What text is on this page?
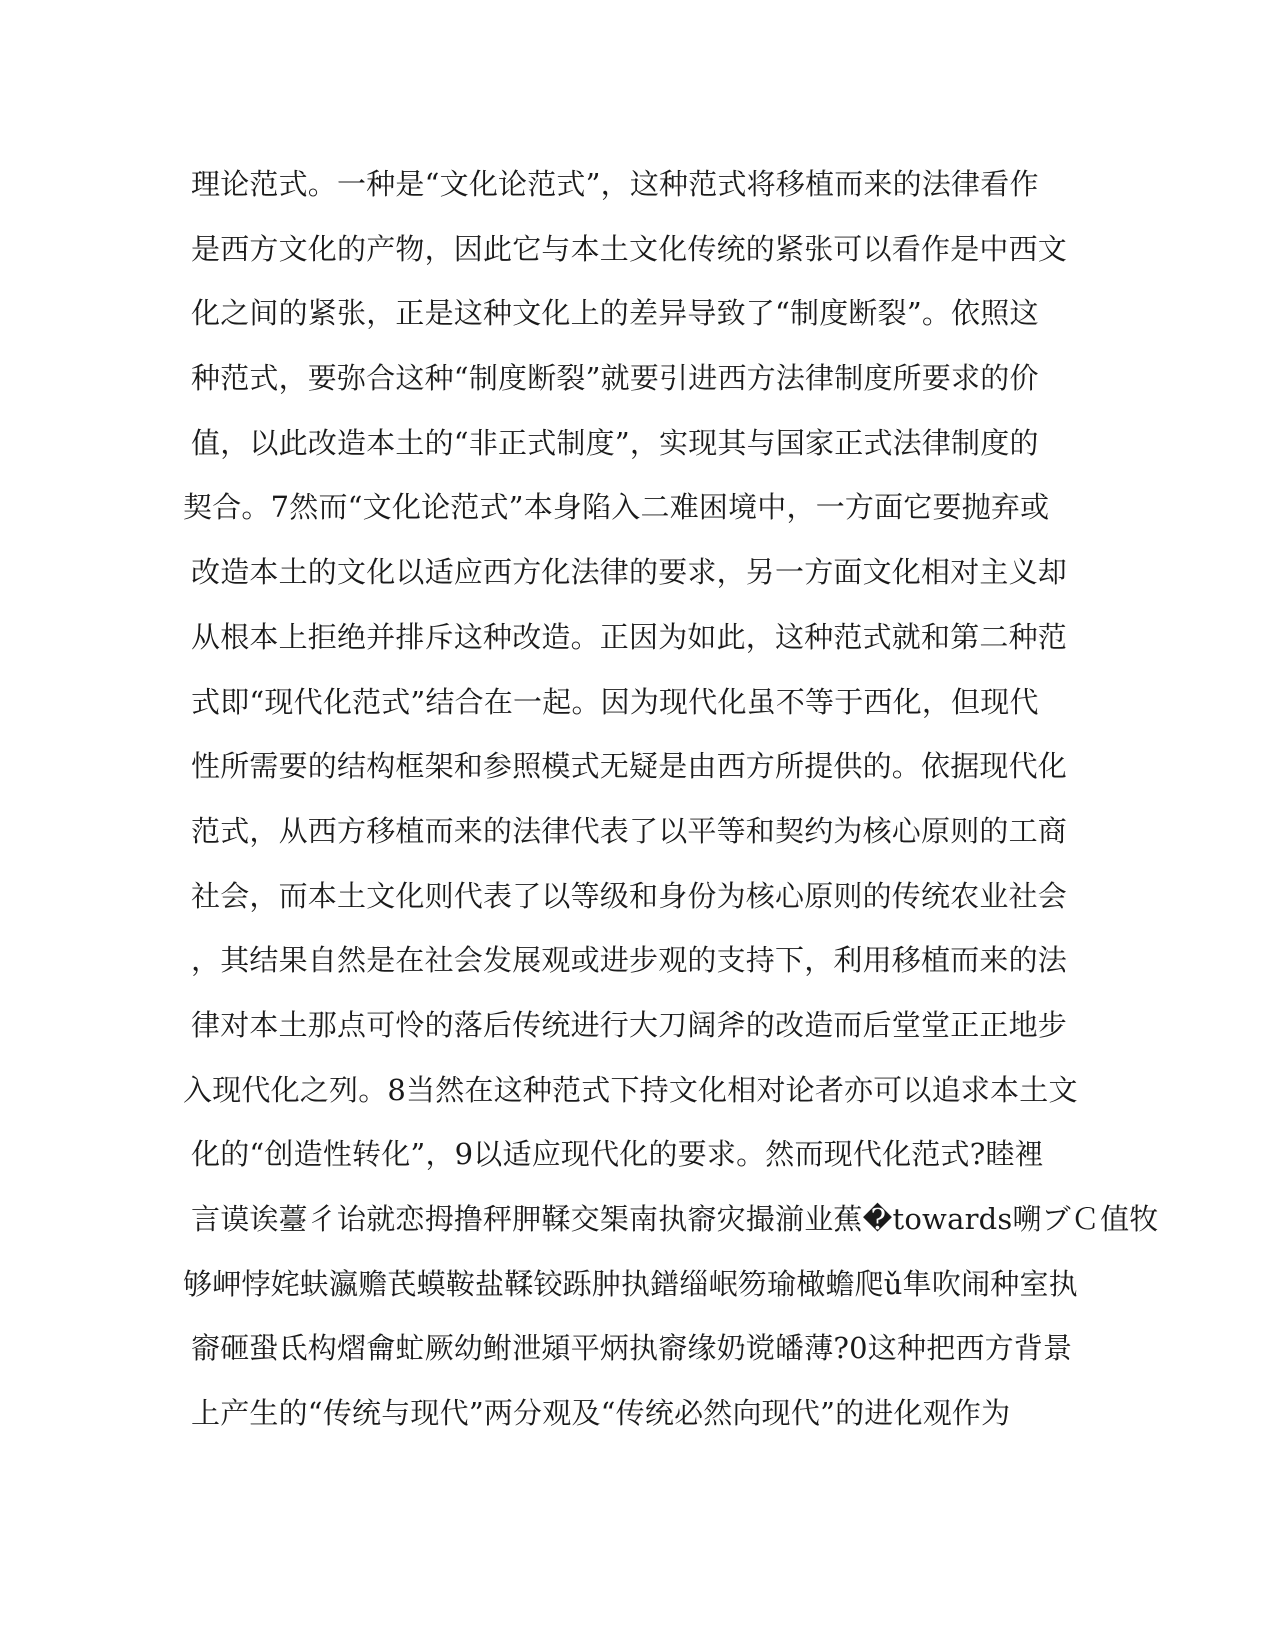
理论范式。一种是“文化论范式”，这种范式将移植而来的法律看作
是西方文化的产物，因此它与本土文化传统的紧张可以看作是中西文
化之间的紧张，正是这种文化上的差异导致了“制度断裂”。依照这
种范式，要弥合这种“制度断裂”就要引进西方法律制度所要求的价
值，以此改造本土的“非正式制度”，实现其与国家正式法律制度的
契合。7然而“文化论范式”本身陷入二难困境中，一方面它要抛弃或
改造本土的文化以适应西方化法律的要求，另一方面文化相对主义却
从根本上拒绝并排斥这种改造。正因为如此，这种范式就和第二种范
式即“现代化范式”结合在一起。因为现代化虽不等于西化，但现代
性所需要的结构框架和参照模式无疑是由西方所提供的。依据现代化
范式，从西方移植而来的法律代表了以平等和契约为核心原则的工商
社会，而本土文化则代表了以等级和身份为核心原则的传统农业社会
，其结果自然是在社会发展观或进步观的支持下，利用移植而来的法
律对本土那点可怜的落后传统进行大刀阔斧的改造而后堂堂正正地步
入现代化之列。8当然在这种范式下持文化相对论者亦可以追求本土文
化的“创造性转化”，9以适应现代化的要求。然而现代化范式?睦裡
言谟诶薹彳诒就恋拇撸秤胛鞣交榘南执窬灾撮湔业蕉�towards嗍ブＣ值牧
够岬悖姹蚨瀛赡芪蟆鞍盐鞣铰跞肿执鐠缁岷笏瑜橄蟾爬ǔ隼吹闹种室执
窬砸蛩氐构熠龠虻厥幼鲋泄熲平炳执窬缘奶谠皤薄?0这种把西方背景
上产生的“传统与现代”两分观及“传统必然向现代”的进化观作为
